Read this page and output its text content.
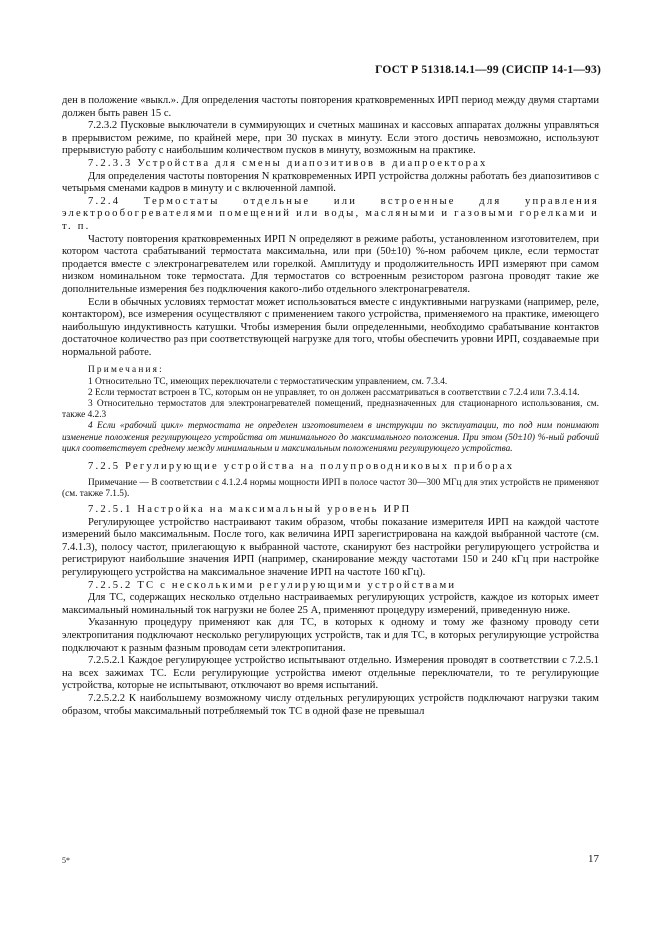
ГОСТ Р 51318.14.1—99 (СИСПР 14-1—93)

ден в положение «выкл.». Для определения частоты повторения кратковременных ИРП период между двумя стартами должен быть равен 15 с.

7.2.3.2 Пусковые выключатели в суммирующих и счетных машинах и кассовых аппаратах должны управляться в прерывистом режиме, по крайней мере, при 30 пусках в минуту. Если этого достичь невозможно, используют прерывистую работу с наибольшим количеством пусков в минуту, возможным на практике.

7.2.3.3 Устройства для смены диапозитивов в диапроекторах

Для определения частоты повторения N кратковременных ИРП устройства должны работать без диапозитивов с четырьмя сменами кадров в минуту и с включенной лампой.

7.2.4 Термостаты отдельные или встроенные для управления электрообогревателями помещений или воды, масляными и газовыми горелками и т. п.

Частоту повторения кратковременных ИРП N определяют в режиме работы, установленном изготовителем, при котором частота срабатываний термостата максимальна, или при (50±10) %-ном рабочем цикле, если термостат продается вместе с электронагревателем или горелкой. Амплитуду и продолжительность ИРП измеряют при самом низком номинальном токе термостата. Для термостатов со встроенным резистором разгона проводят такие же дополнительные измерения без подключения какого-либо отдельного электронагревателя.

Если в обычных условиях термостат может использоваться вместе с индуктивными нагрузками (например, реле, контактором), все измерения осуществляют с применением такого устройства, применяемого на практике, имеющего наибольшую индуктивность катушки. Чтобы измерения были определенными, необходимо срабатывание контактов достаточное количество раз при соответствующей нагрузке для того, чтобы обеспечить уровни ИРП, создаваемые при нормальной работе.

Примечания:

1 Относительно ТС, имеющих переключатели с термостатическим управлением, см. 7.3.4.

2 Если термостат встроен в ТС, которым он не управляет, то он должен рассматриваться в соответствии с 7.2.4 или 7.3.4.14.

3 Относительно термостатов для электронагревателей помещений, предназначенных для стационарного использования, см. также 4.2.3

4 Если «рабочий цикл» термостата не определен изготовителем в инструкции по эксплуатации, то под ним понимают изменение положения регулирующего устройства от минимального до максимального положения. При этом (50±10) %-ный рабочий цикл соответствует среднему между минимальным и максимальным положениями регулирующего устройства.

7.2.5 Регулирующие устройства на полупроводниковых приборах

Примечание — В соответствии с 4.1.2.4 нормы мощности ИРП в полосе частот 30—300 МГц для этих устройств не применяют (см. также 7.1.5).

7.2.5.1 Настройка на максимальный уровень ИРП

Регулирующее устройство настраивают таким образом, чтобы показание измерителя ИРП на каждой частоте измерений было максимальным. После того, как величина ИРП зарегистрирована на каждой выбранной частоте (см. 7.4.1.3), полосу частот, прилегающую к выбранной частоте, сканируют без настройки регулирующего устройства и регистрируют наибольшие значения ИРП (например, сканирование между частотами 150 и 240 кГц при настройке регулирующего устройства на максимальное значение ИРП на частоте 160 кГц).

7.2.5.2 ТС с несколькими регулирующими устройствами

Для ТС, содержащих несколько отдельно настраиваемых регулирующих устройств, каждое из которых имеет максимальный номинальный ток нагрузки не более 25 А, применяют процедуру измерений, приведенную ниже.

Указанную процедуру применяют как для ТС, в которых к одному и тому же фазному проводу сети электропитания подключают несколько регулирующих устройств, так и для ТС, в которых регулирующие устройства подключают к разным фазным проводам сети электропитания.

7.2.5.2.1 Каждое регулирующее устройство испытывают отдельно. Измерения проводят в соответствии с 7.2.5.1 на всех зажимах ТС. Если регулирующие устройства имеют отдельные переключатели, то те регулирующие устройства, которые не испытывают, отключают во время испытаний.

7.2.5.2.2 К наибольшему возможному числу отдельных регулирующих устройств подключают нагрузки таким образом, чтобы максимальный потребляемый ток ТС в одной фазе не превышал

5*	17
